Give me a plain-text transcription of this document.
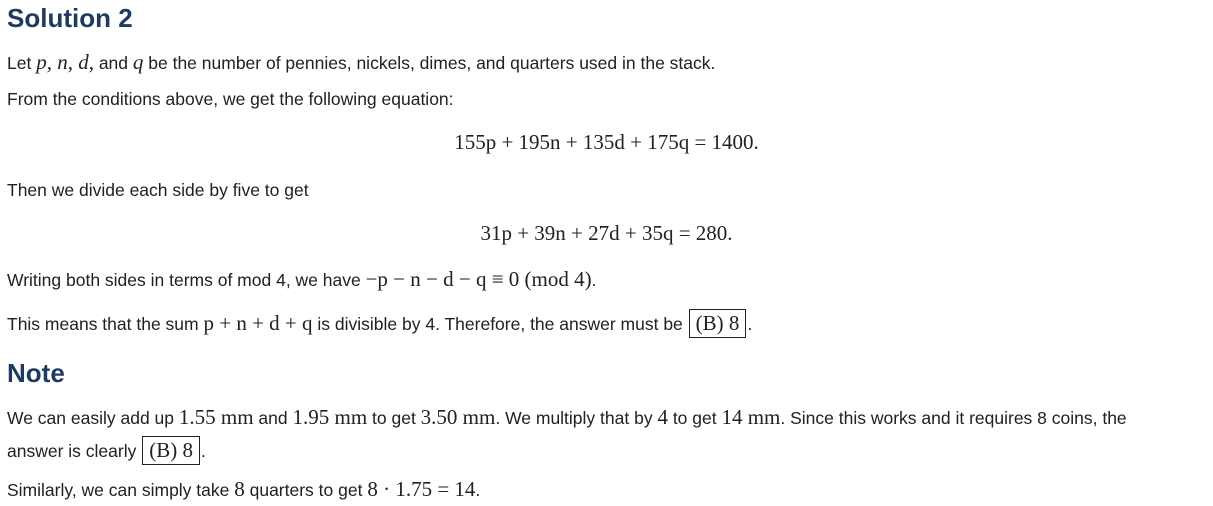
Solution 2
Let p, n, d, and q be the number of pennies, nickels, dimes, and quarters used in the stack.
From the conditions above, we get the following equation:
155p + 195n + 135d + 175q = 1400.
Then we divide each side by five to get
31p + 39n + 27d + 35q = 280.
Writing both sides in terms of mod 4, we have −p − n − d − q ≡ 0 (mod 4).
This means that the sum p + n + d + q is divisible by 4. Therefore, the answer must be (B) 8 .
Note
We can easily add up 1.55 mm and 1.95 mm to get 3.50 mm. We multiply that by 4 to get 14 mm. Since this works and it requires 8 coins, the
answer is clearly (B) 8 .
Similarly, we can simply take 8 quarters to get 8 · 1.75 = 14.
